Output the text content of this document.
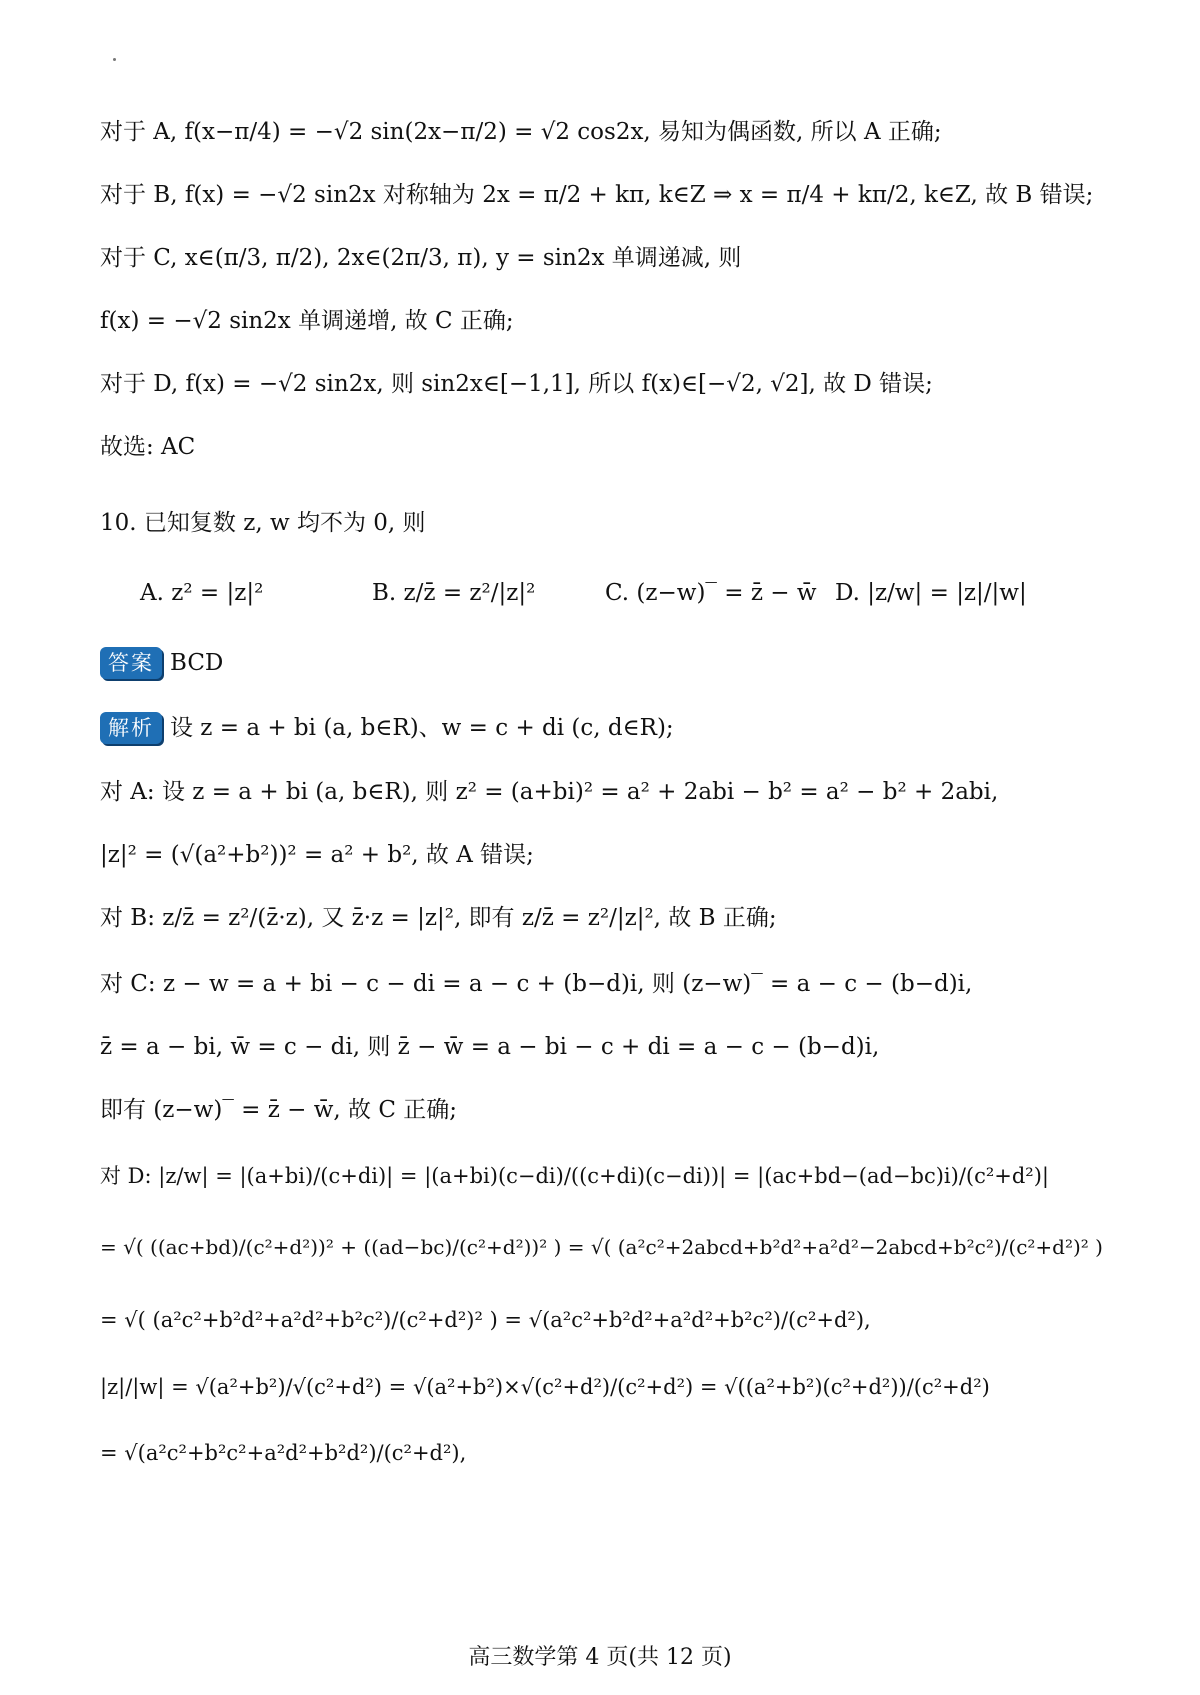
对于 A, f(x−π/4) = −√2 sin(2x−π/2) = √2 cos2x, 易知为偶函数, 所以 A 正确;
对于 B, f(x) = −√2 sin2x 对称轴为 2x = π/2 + kπ, k∈Z ⇒ x = π/4 + kπ/2, k∈Z, 故 B 错误;
对于 C, x∈(π/3, π/2), 2x∈(2π/3, π), y = sin2x 单调递减, 则
f(x) = −√2 sin2x 单调递增, 故 C 正确;
对于 D, f(x) = −√2 sin2x, 则 sin2x∈[−1,1], 所以 f(x)∈[−√2, √2], 故 D 错误;
故选: AC
10. 已知复数 z, w 均不为 0, 则
A. z² = |z|²	B. z/z̄ = z²/|z|²	C. (z−w)‾ = z̄ − w̄ D. |z/w| = |z|/|w|
答案 BCD
解析 设 z = a + bi (a, b∈R)、w = c + di (c, d∈R);
对 A: 设 z = a + bi (a, b∈R), 则 z² = (a+bi)² = a² + 2abi − b² = a² − b² + 2abi,
|z|² = (√(a²+b²))² = a² + b², 故 A 错误;
对 B: z/z̄ = z²/(z̄·z), 又 z̄·z = |z|², 即有 z/z̄ = z²/|z|², 故 B 正确;
对 C: z − w = a + bi − c − di = a − c + (b−d)i, 则 (z−w)‾ = a − c − (b−d)i,
z̄ = a − bi, w̄ = c − di, 则 z̄ − w̄ = a − bi − c + di = a − c − (b−d)i,
即有 (z−w)‾ = z̄ − w̄, 故 C 正确;
对 D: |z/w| = |(a+bi)/(c+di)| = |(a+bi)(c−di)/((c+di)(c−di))| = |(ac+bd−(ad−bc)i)/(c²+d²)|
= √( ((ac+bd)/(c²+d²))² + ((ad−bc)/(c²+d²))² ) = √( (a²c²+2abcd+b²d²+a²d²−2abcd+b²c²)/(c²+d²)² )
= √( (a²c²+b²d²+a²d²+b²c²)/(c²+d²)² ) = √(a²c²+b²d²+a²d²+b²c²)/(c²+d²),
|z|/|w| = √(a²+b²)/√(c²+d²) = √(a²+b²)×√(c²+d²)/(c²+d²) = √((a²+b²)(c²+d²))/(c²+d²)
= √(a²c²+b²c²+a²d²+b²d²)/(c²+d²),
高三数学第 4 页(共 12 页)
